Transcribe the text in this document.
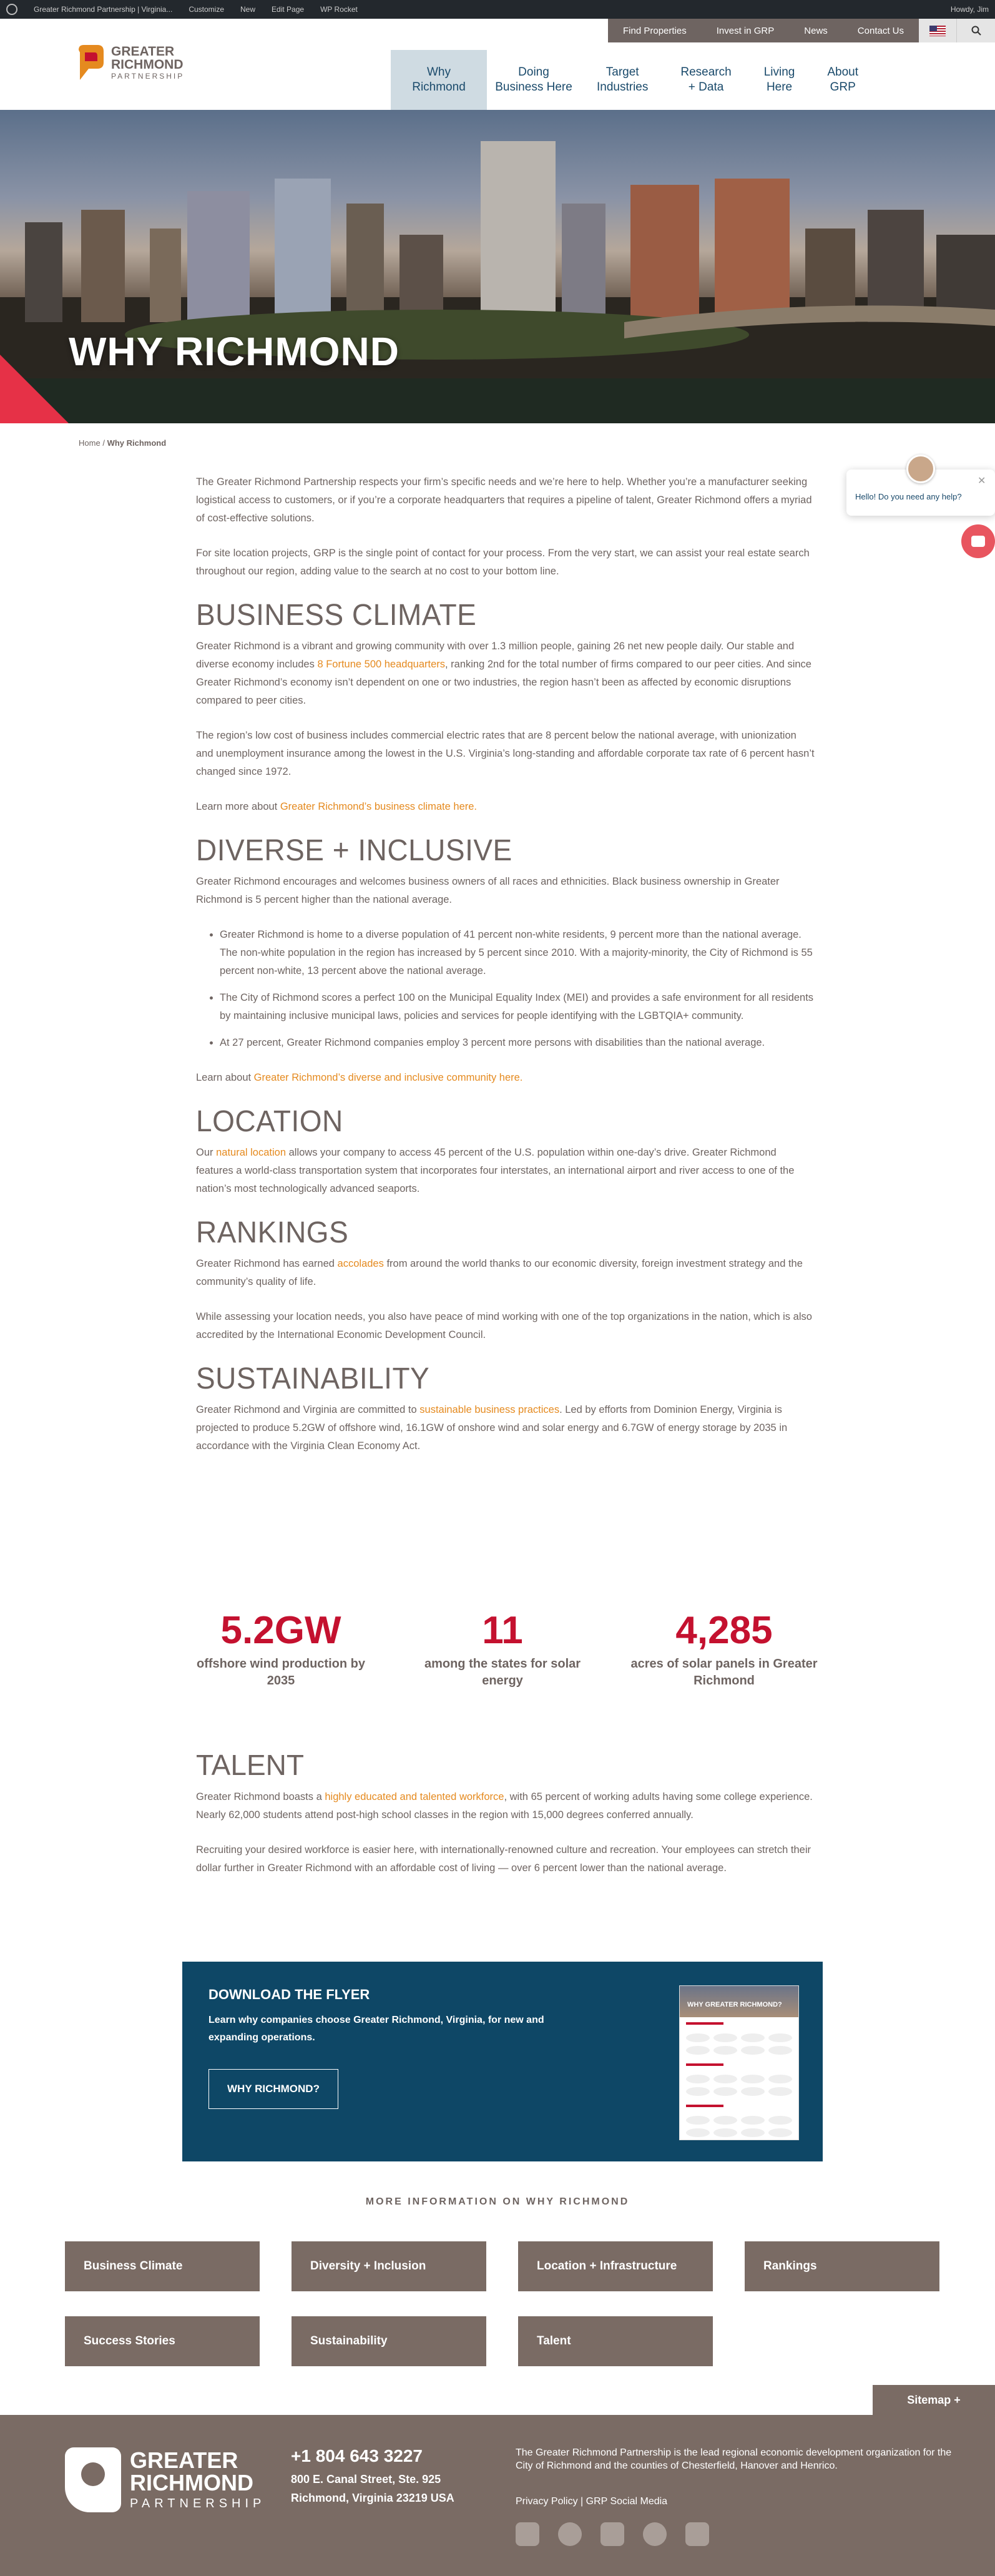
Greater Richmond Partnership | Virginia... Customize New Edit Page WP Rocket	Howdy, Jim
Find Properties	Invest in GRP	News	Contact Us
GREATER
RICHMOND
PARTNERSHIP	Why
Richmond
Doing
Business Here
Target
Industries
Research
+ Data
Living
Here
About
GRP
WHY RICHMOND
Home / Why Richmond
Hello! Do you need any help?
✕

The Greater Richmond Partnership respects your firm’s specific needs and we’re here to help. Whether you’re a manufacturer seeking logistical access to customers, or if you’re a corporate headquarters that requires a pipeline of talent, Greater Richmond offers a myriad of cost-effective solutions.

For site location projects, GRP is the single point of contact for your process. From the very start, we can assist your real estate search throughout our region, adding value to the search at no cost to your bottom line.

BUSINESS CLIMATE

Greater Richmond is a vibrant and growing community with over 1.3 million people, gaining 26 net new people daily. Our stable and diverse economy includes 8 Fortune 500 headquarters, ranking 2nd for the total number of firms compared to our peer cities. And since Greater Richmond’s economy isn’t dependent on one or two industries, the region hasn’t been as affected by economic disruptions compared to peer cities.

The region’s low cost of business includes commercial electric rates that are 8 percent below the national average, with unionization and unemployment insurance among the lowest in the U.S. Virginia’s long-standing and affordable corporate tax rate of 6 percent hasn’t changed since 1972.

Learn more about Greater Richmond’s business climate here.

DIVERSE + INCLUSIVE

Greater Richmond encourages and welcomes business owners of all races and ethnicities. Black business ownership in Greater Richmond is 5 percent higher than the national average.

• Greater Richmond is home to a diverse population of 41 percent non-white residents, 9 percent more than the national average. The non-white population in the region has increased by 5 percent since 2010. With a majority-minority, the City of Richmond is 55 percent non-white, 13 percent above the national average.
• The City of Richmond scores a perfect 100 on the Municipal Equality Index (MEI) and provides a safe environment for all residents by maintaining inclusive municipal laws, policies and services for people identifying with the LGBTQIA+ community.
• At 27 percent, Greater Richmond companies employ 3 percent more persons with disabilities than the national average.

Learn about Greater Richmond’s diverse and inclusive community here.

LOCATION

Our natural location allows your company to access 45 percent of the U.S. population within one-day’s drive. Greater Richmond features a world-class transportation system that incorporates four interstates, an international airport and river access to one of the nation’s most technologically advanced seaports.

RANKINGS

Greater Richmond has earned accolades from around the world thanks to our economic diversity, foreign investment strategy and the community’s quality of life.

While assessing your location needs, you also have peace of mind working with one of the top organizations in the nation, which is also accredited by the International Economic Development Council.

SUSTAINABILITY

Greater Richmond and Virginia are committed to sustainable business practices. Led by efforts from Dominion Energy, Virginia is projected to produce 5.2GW of offshore wind, 16.1GW of onshore wind and solar energy and 6.7GW of energy storage by 2035 in accordance with the Virginia Clean Economy Act.

5.2GW
offshore wind production by 2035
11
among the states for solar energy
4,285
acres of solar panels in Greater Richmond
TALENT

Greater Richmond boasts a highly educated and talented workforce, with 65 percent of working adults having some college experience. Nearly 62,000 students attend post-high school classes in the region with 15,000 degrees conferred annually.

Recruiting your desired workforce is easier here, with internationally-renowned culture and recreation. Your employees can stretch their dollar further in Greater Richmond with an affordable cost of living — over 6 percent lower than the national average.

DOWNLOAD THE FLYER

Learn why companies choose Greater Richmond, Virginia, for new and expanding operations.

WHY RICHMOND?
WHY GREATER RICHMOND?
MORE INFORMATION ON WHY RICHMOND
Business Climate	Diversity + Inclusion	Location + Infrastructure	Rankings
Success Stories	Sustainability	Talent
Sitemap +
GREATER
RICHMOND
PARTNERSHIP
+1 804 643 3227
800 E. Canal Street, Ste. 925
Richmond, Virginia 23219 USA
The Greater Richmond Partnership is the lead regional economic development organization for the City of Richmond and the counties of Chesterfield, Hanover and Henrico.
Privacy Policy | GRP Social Media
